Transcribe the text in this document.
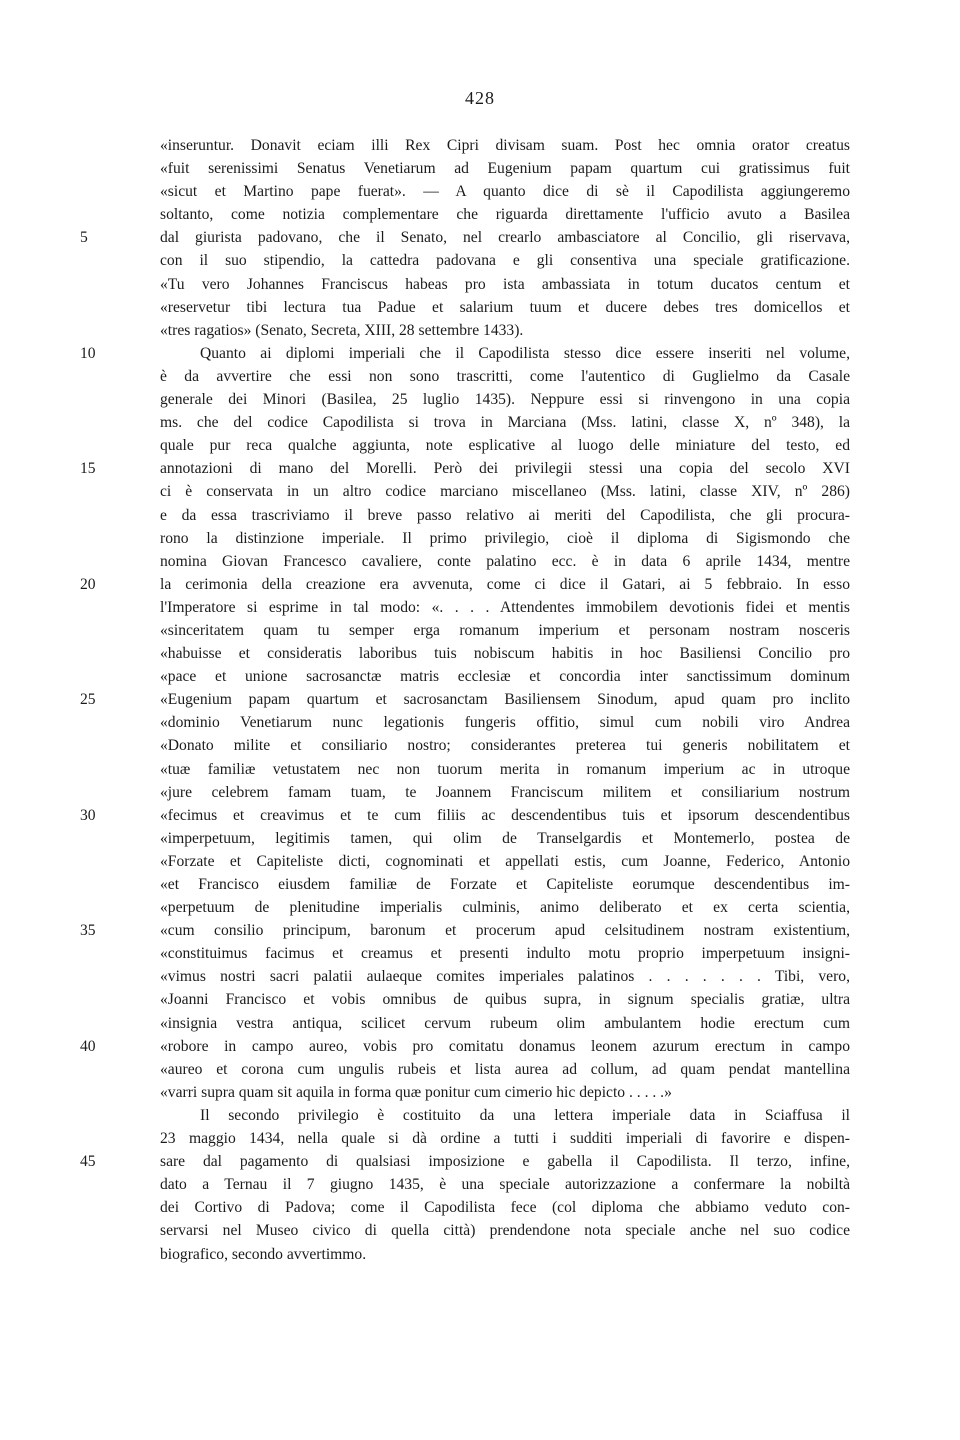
428
«inseruntur. Donavit eciam illi Rex Cipri divisam suam. Post hec omnia orator creatus
«fuit serenissimi Senatus Venetiarum ad Eugenium papam quartum cui gratissimus fuit
«sicut et Martino pape fuerat». — A quanto dice di sè il Capodilista aggiungeremo
soltanto, come notizia complementare che riguarda direttamente l'ufficio avuto a Basilea
5	dal giurista padovano, che il Senato, nel crearlo ambasciatore al Concilio, gli riservava,
con il suo stipendio, la cattedra padovana e gli consentiva una speciale gratificazione.
«Tu vero Johannes Franciscus habeas pro ista ambassiata in totum ducatos centum et
«reservetur tibi lectura tua Padue et salarium tuum et ducere debes tres domicellos et
«tres ragatios» (Senato, Secreta, XIII, 28 settembre 1433).
10	Quanto ai diplomi imperiali che il Capodilista stesso dice essere inseriti nel volume,
è da avvertire che essi non sono trascritti, come l'autentico di Guglielmo da Casale
generale dei Minori (Basilea, 25 luglio 1435). Neppure essi si rinvengono in una copia
ms. che del codice Capodilista si trova in Marciana (Mss. latini, classe X, nº 348), la
quale pur reca qualche aggiunta, note esplicative al luogo delle miniature del testo, ed
15	annotazioni di mano del Morelli. Però dei privilegii stessi una copia del secolo XVI
ci è conservata in un altro codice marciano miscellaneo (Mss. latini, classe XIV, nº 286)
e da essa trascriviamo il breve passo relativo ai meriti del Capodilista, che gli procura-
rono la distinzione imperiale. Il primo privilegio, cioè il diploma di Sigismondo che
nomina Giovan Francesco cavaliere, conte palatino ecc. è in data 6 aprile 1434, mentre
20	la cerimonia della creazione era avvenuta, come ci dice il Gatari, ai 5 febbraio. In esso
l'Imperatore si esprime in tal modo: «. . . . Attendentes immobilem devotionis fidei et mentis
«sinceritatem quam tu semper erga romanum imperium et personam nostram nosceris
«habuisse et consideratis laboribus tuis nobiscum habitis in hoc Basiliensi Concilio pro
«pace et unione sacrosanctæ matris ecclesiæ et concordia inter sanctissimum dominum
25	«Eugenium papam quartum et sacrosanctam Basiliensem Sinodum, apud quam pro inclito
«dominio Venetiarum nunc legationis fungeris offitio, simul cum nobili viro Andrea
«Donato milite et consiliario nostro; considerantes preterea tui generis nobilitatem et
«tuæ familiæ vetustatem nec non tuorum merita in romanum imperium ac in utroque
«jure celebrem famam tuam, te Joannem Franciscum militem et consiliarium nostrum
30	«fecimus et creavimus et te cum filiis ac descendentibus tuis et ipsorum descendentibus
«imperpetuum, legitimis tamen, qui olim de Transelgardis et Montemerlo, postea de
«Forzate et Capiteliste dicti, cognominati et appellati estis, cum Joanne, Federico, Antonio
«et Francisco eiusdem familiæ de Forzate et Capiteliste eorumque descendentibus im-
«perpetuum de plenitudine imperialis culminis, animo deliberato et ex certa scientia,
35	«cum consilio principum, baronum et procerum apud celsitudinem nostram existentium,
«constituimus facimus et creamus et presenti indulto motu proprio imperpetuum insigni-
«vimus nostri sacri palatii aulaeque comites imperiales palatinos . . . . . . . Tibi, vero,
«Joanni Francisco et vobis omnibus de quibus supra, in signum specialis gratiæ, ultra
«insignia vestra antiqua, scilicet cervum rubeum olim ambulantem hodie erectum cum
40	«robore in campo aureo, vobis pro comitatu donamus leonem azurum erectum in campo
«aureo et corona cum ungulis rubeis et lista aurea ad collum, ad quam pendat mantellina
«varri supra quam sit aquila in forma quæ ponitur cum cimerio hic depicto . . . . .»
Il secondo privilegio è costituito da una lettera imperiale data in Sciaffusa il
23 maggio 1434, nella quale si dà ordine a tutti i sudditi imperiali di favorire e dispen-
45	sare dal pagamento di qualsiasi imposizione e gabella il Capodilista. Il terzo, infine,
dato a Ternau il 7 giugno 1435, è una speciale autorizzazione a confermare la nobiltà
dei Cortivo di Padova; come il Capodilista fece (col diploma che abbiamo veduto con-
servarsi nel Museo civico di quella città) prendendone nota speciale anche nel suo codice
biografico, secondo avvertimmo.
